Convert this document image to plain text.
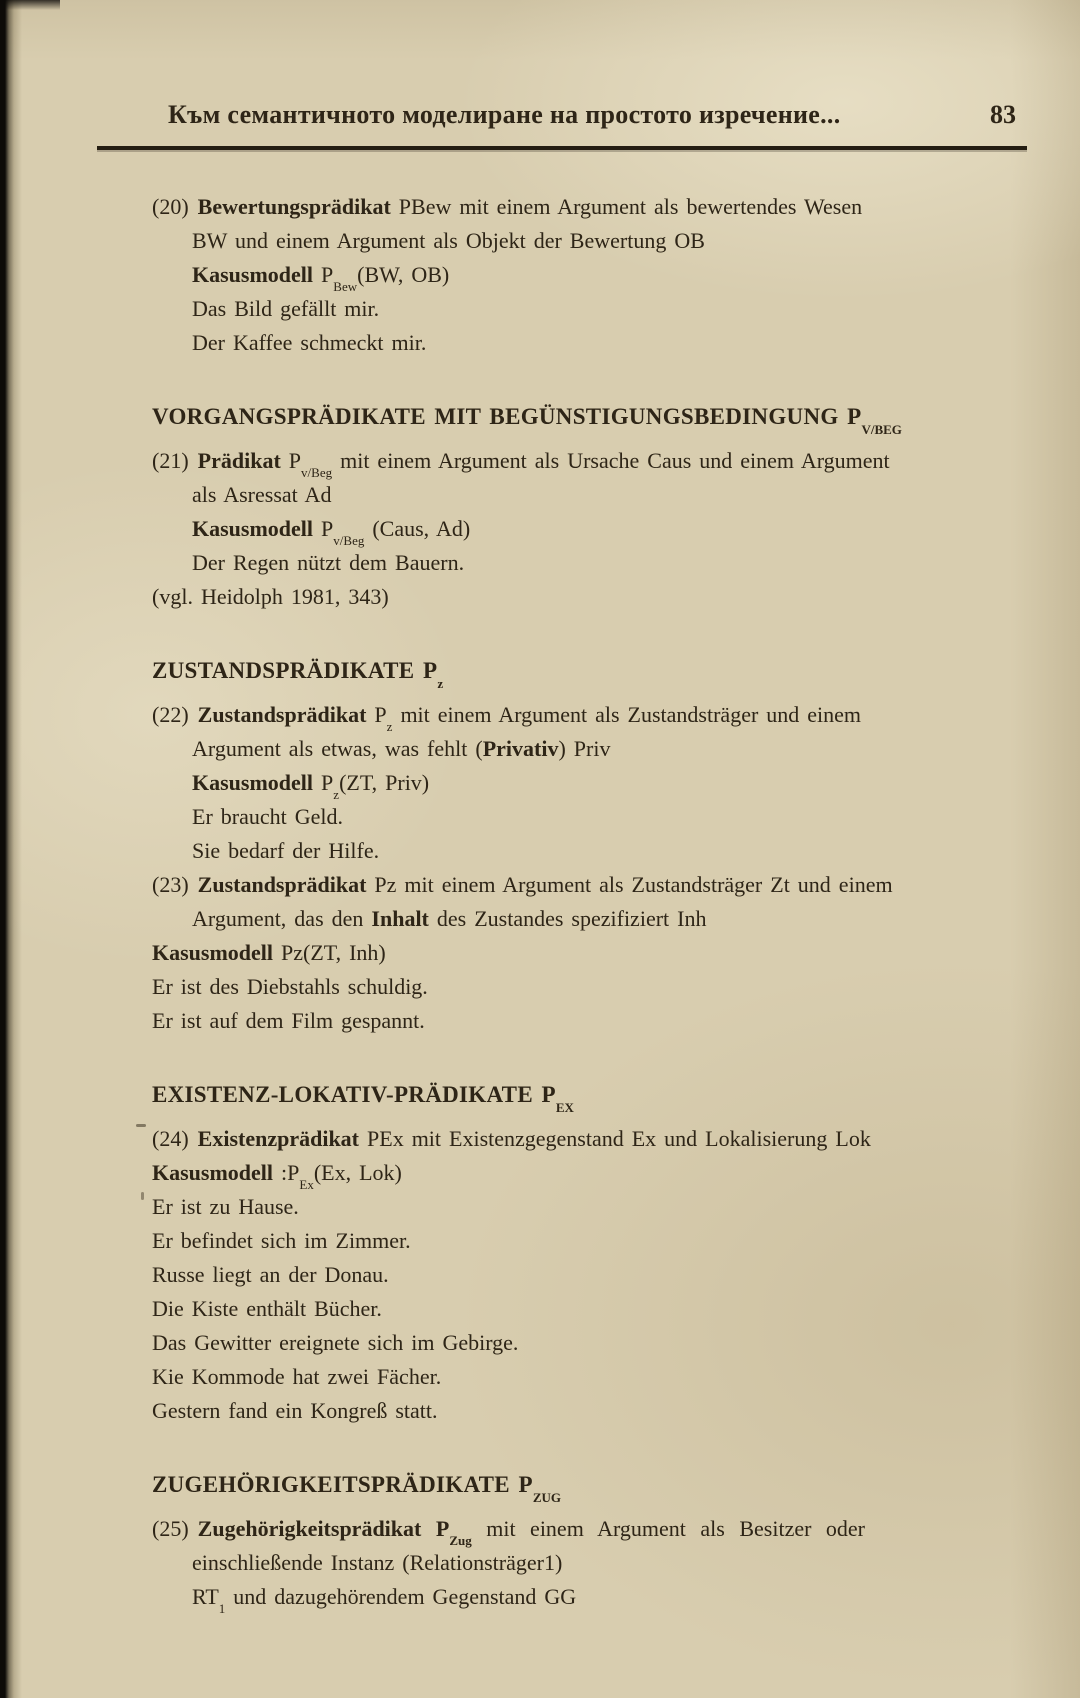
Към семантичното моделиране на простото изречение...	83
(20) Bewertungsprädikat PBew mit einem Argument als bewertendes Wesen
BW und einem Argument als Objekt der Bewertung OB
Kasusmodell $P_{Bew}(BW$, OB)
Das Bild gefällt mir.
Der Kaffee schmeckt mir.
VORGANGSPRÄDIKATE MIT BEGÜNSTIGUNGSBEDINGUNG $P_{V/BEG}$
(21) Prädikat $P_{v/Beg}$ mit einem Argument als Ursache Caus und einem Argument
als Asressat Ad
Kasusmodell $P_{v/Beg}$ (Caus, Ad)
Der Regen nützt dem Bauern.
(vgl. Heidolph 1981, 343)
ZUSTANDSPRÄDIKATE $P_z$
(22) Zustandsprädikat $P_z$ mit einem Argument als Zustandsträger und einem
Argument als etwas, was fehlt (Privativ) Priv
Kasusmodell $P_z(ZT$, Priv)
Er braucht Geld.
Sie bedarf der Hilfe.
(23) Zustandsprädikat Pz mit einem Argument als Zustandsträger Zt und einem
Argument, das den Inhalt des Zustandes spezifiziert Inh
Kasusmodell Pz(ZT, Inh)
Er ist des Diebstahls schuldig.
Er ist auf dem Film gespannt.
EXISTENZ-LOKATIV-PRÄDIKATE $P_{EX}$
(24) Existenzprädikat PEx mit Existenzgegenstand Ex und Lokalisierung Lok
Kasusmodell $:P_{Ex}(Ex$, Lok)
Er ist zu Hause.
Er befindet sich im Zimmer.
Russe liegt an der Donau.
Die Kiste enthält Bücher.
Das Gewitter ereignete sich im Gebirge.
Kie Kommode hat zwei Fächer.
Gestern fand ein Kongreß statt.
ZUGEHÖRIGKEITSPRÄDIKATE $P_{ZUG}$
(25) Zugehörigkeitsprädikat $P_{Zug}$ mit einem Argument als Besitzer oder
einschließende Instanz (Relationsträger1)
$RT_1$ und dazugehörendem Gegenstand GG
